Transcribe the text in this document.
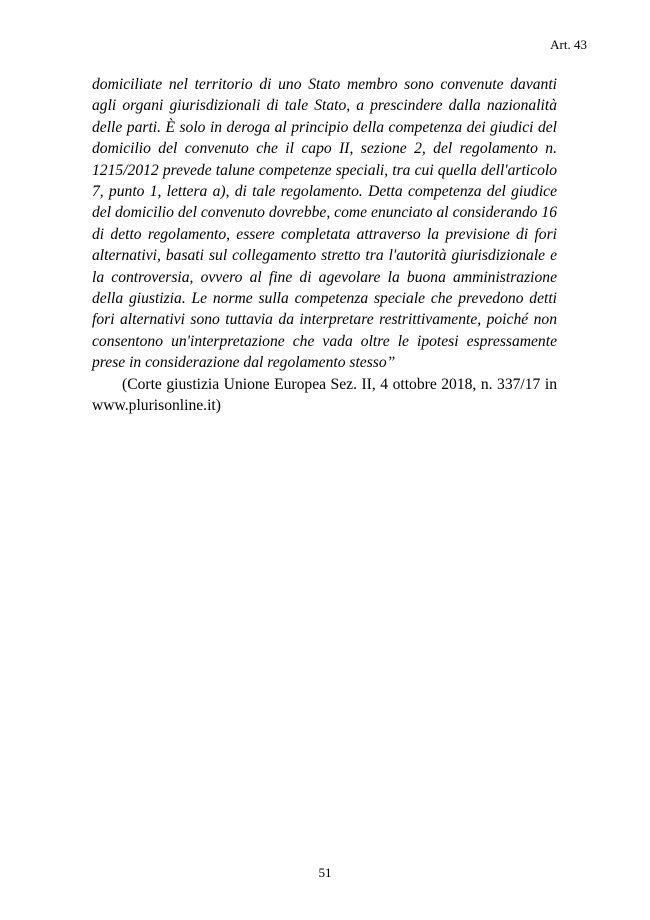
Art. 43

domiciliate nel territorio di uno Stato membro sono convenute davanti agli organi giurisdizionali di tale Stato, a prescindere dalla nazionalità delle parti. È solo in deroga al principio della competenza dei giudici del domicilio del convenuto che il capo II, sezione 2, del regolamento n. 1215/2012 prevede talune competenze speciali, tra cui quella dell'articolo 7, punto 1, lettera a), di tale regolamento. Detta competenza del giudice del domicilio del convenuto dovrebbe, come enunciato al considerando 16 di detto regolamento, essere completata attraverso la previsione di fori alternativi, basati sul collegamento stretto tra l'autorità giurisdizionale e la controversia, ovvero al fine di agevolare la buona amministrazione della giustizia. Le norme sulla competenza speciale che prevedono detti fori alternativi sono tuttavia da interpretare restrittivamente, poiché non consentono un'interpretazione che vada oltre le ipotesi espressamente prese in considerazione dal regolamento stesso”

(Corte giustizia Unione Europea Sez. II, 4 ottobre 2018, n. 337/17 in www.plurisonline.it)

51
